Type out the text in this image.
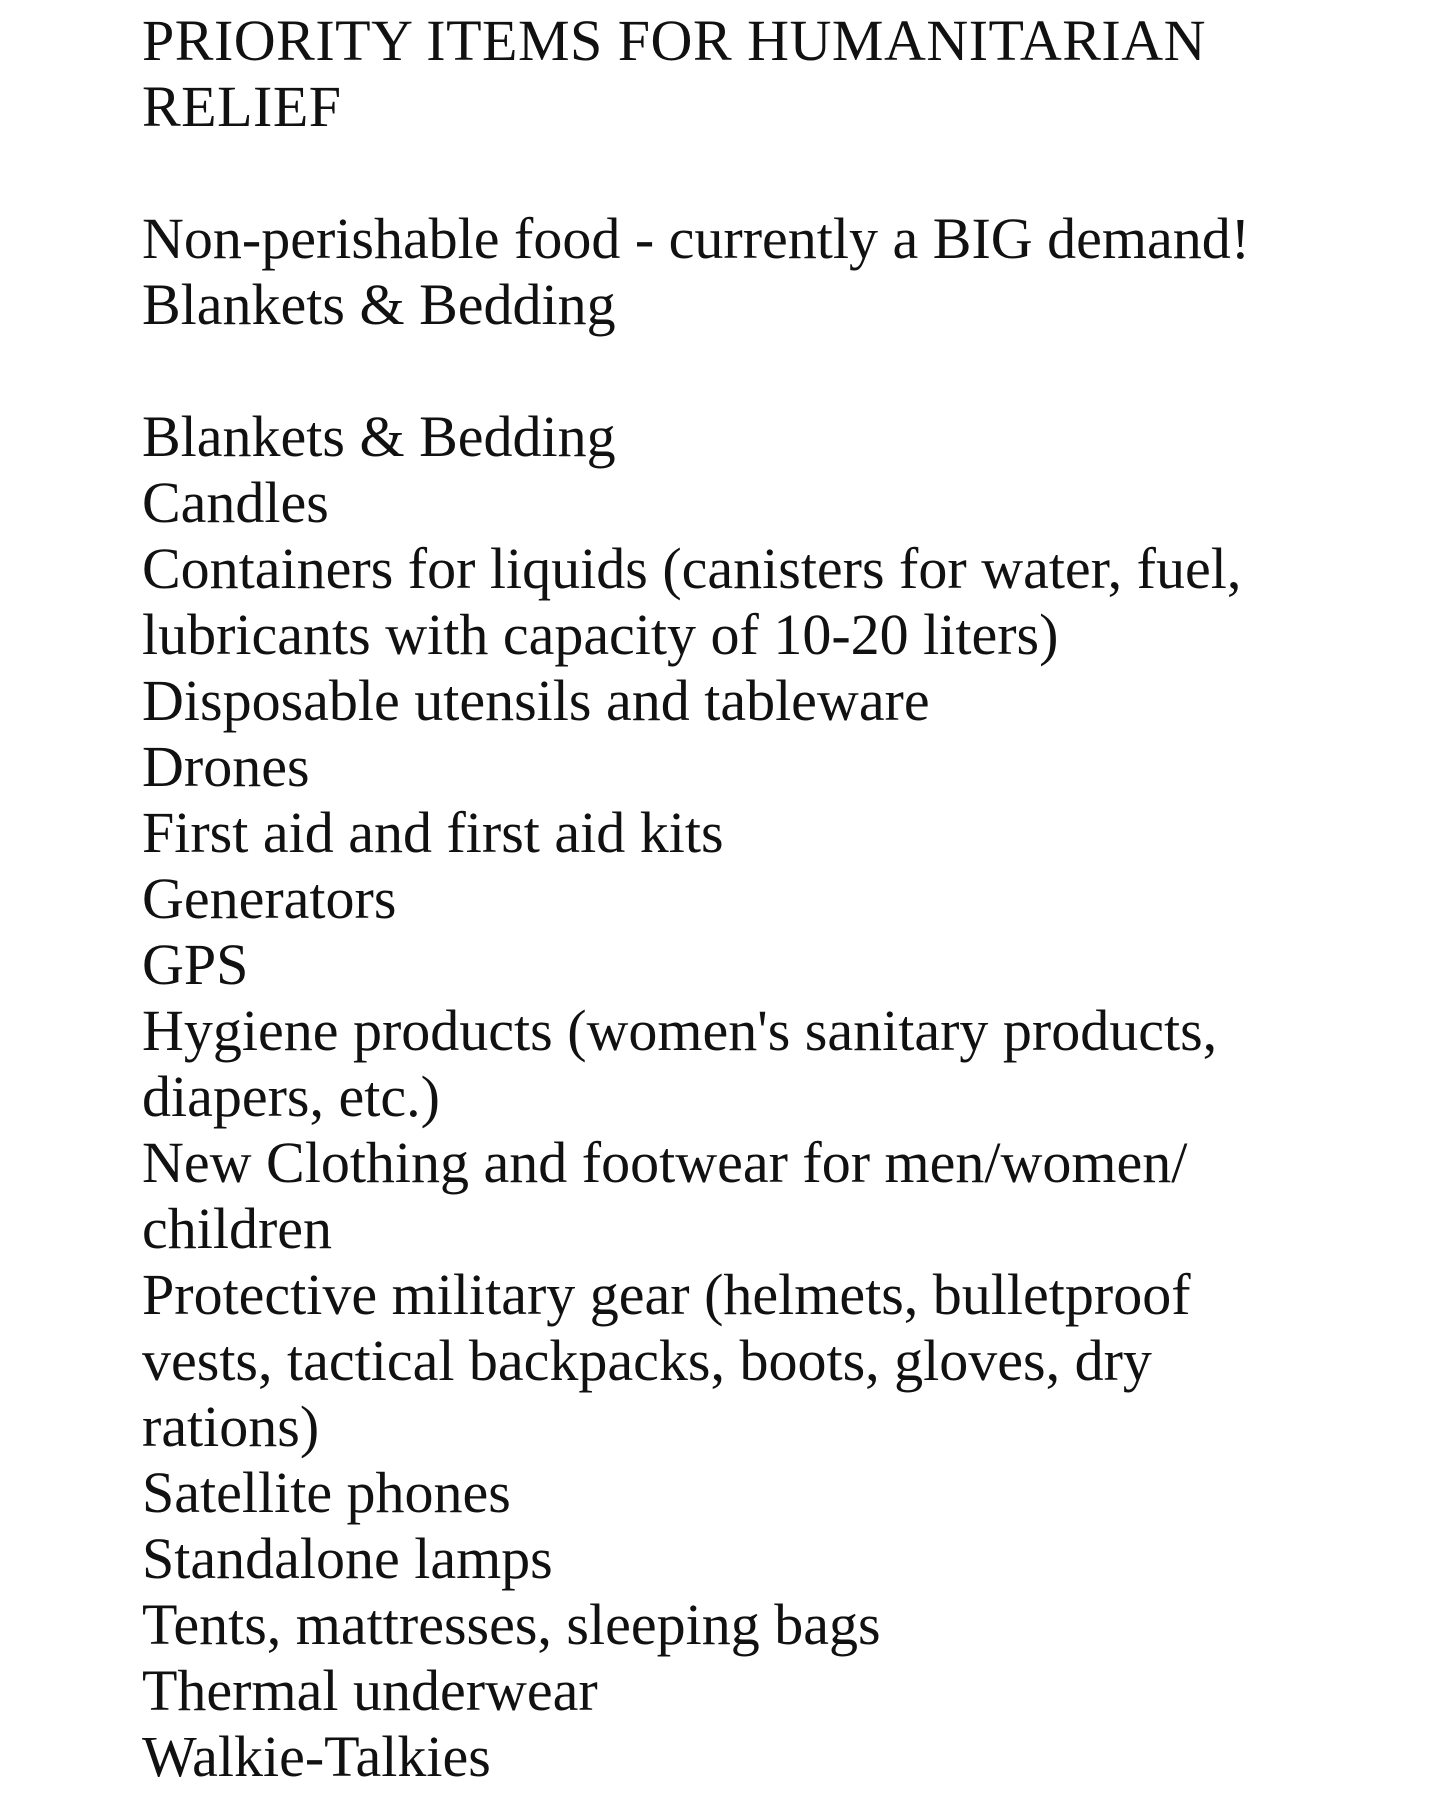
PRIORITY ITEMS FOR HUMANITARIAN
RELIEF
Non-perishable food - currently a BIG demand!
Blankets & Bedding
Blankets & Bedding
Candles
Containers for liquids (canisters for water, fuel,
lubricants with capacity of 10-20 liters)
Disposable utensils and tableware
Drones
First aid and first aid kits
Generators
GPS
Hygiene products (women's sanitary products,
diapers, etc.)
New Clothing and footwear for men/women/
children
Protective military gear (helmets, bulletproof
vests, tactical backpacks, boots, gloves, dry
rations)
Satellite phones
Standalone lamps
Tents, mattresses, sleeping bags
Thermal underwear
Walkie-Talkies
